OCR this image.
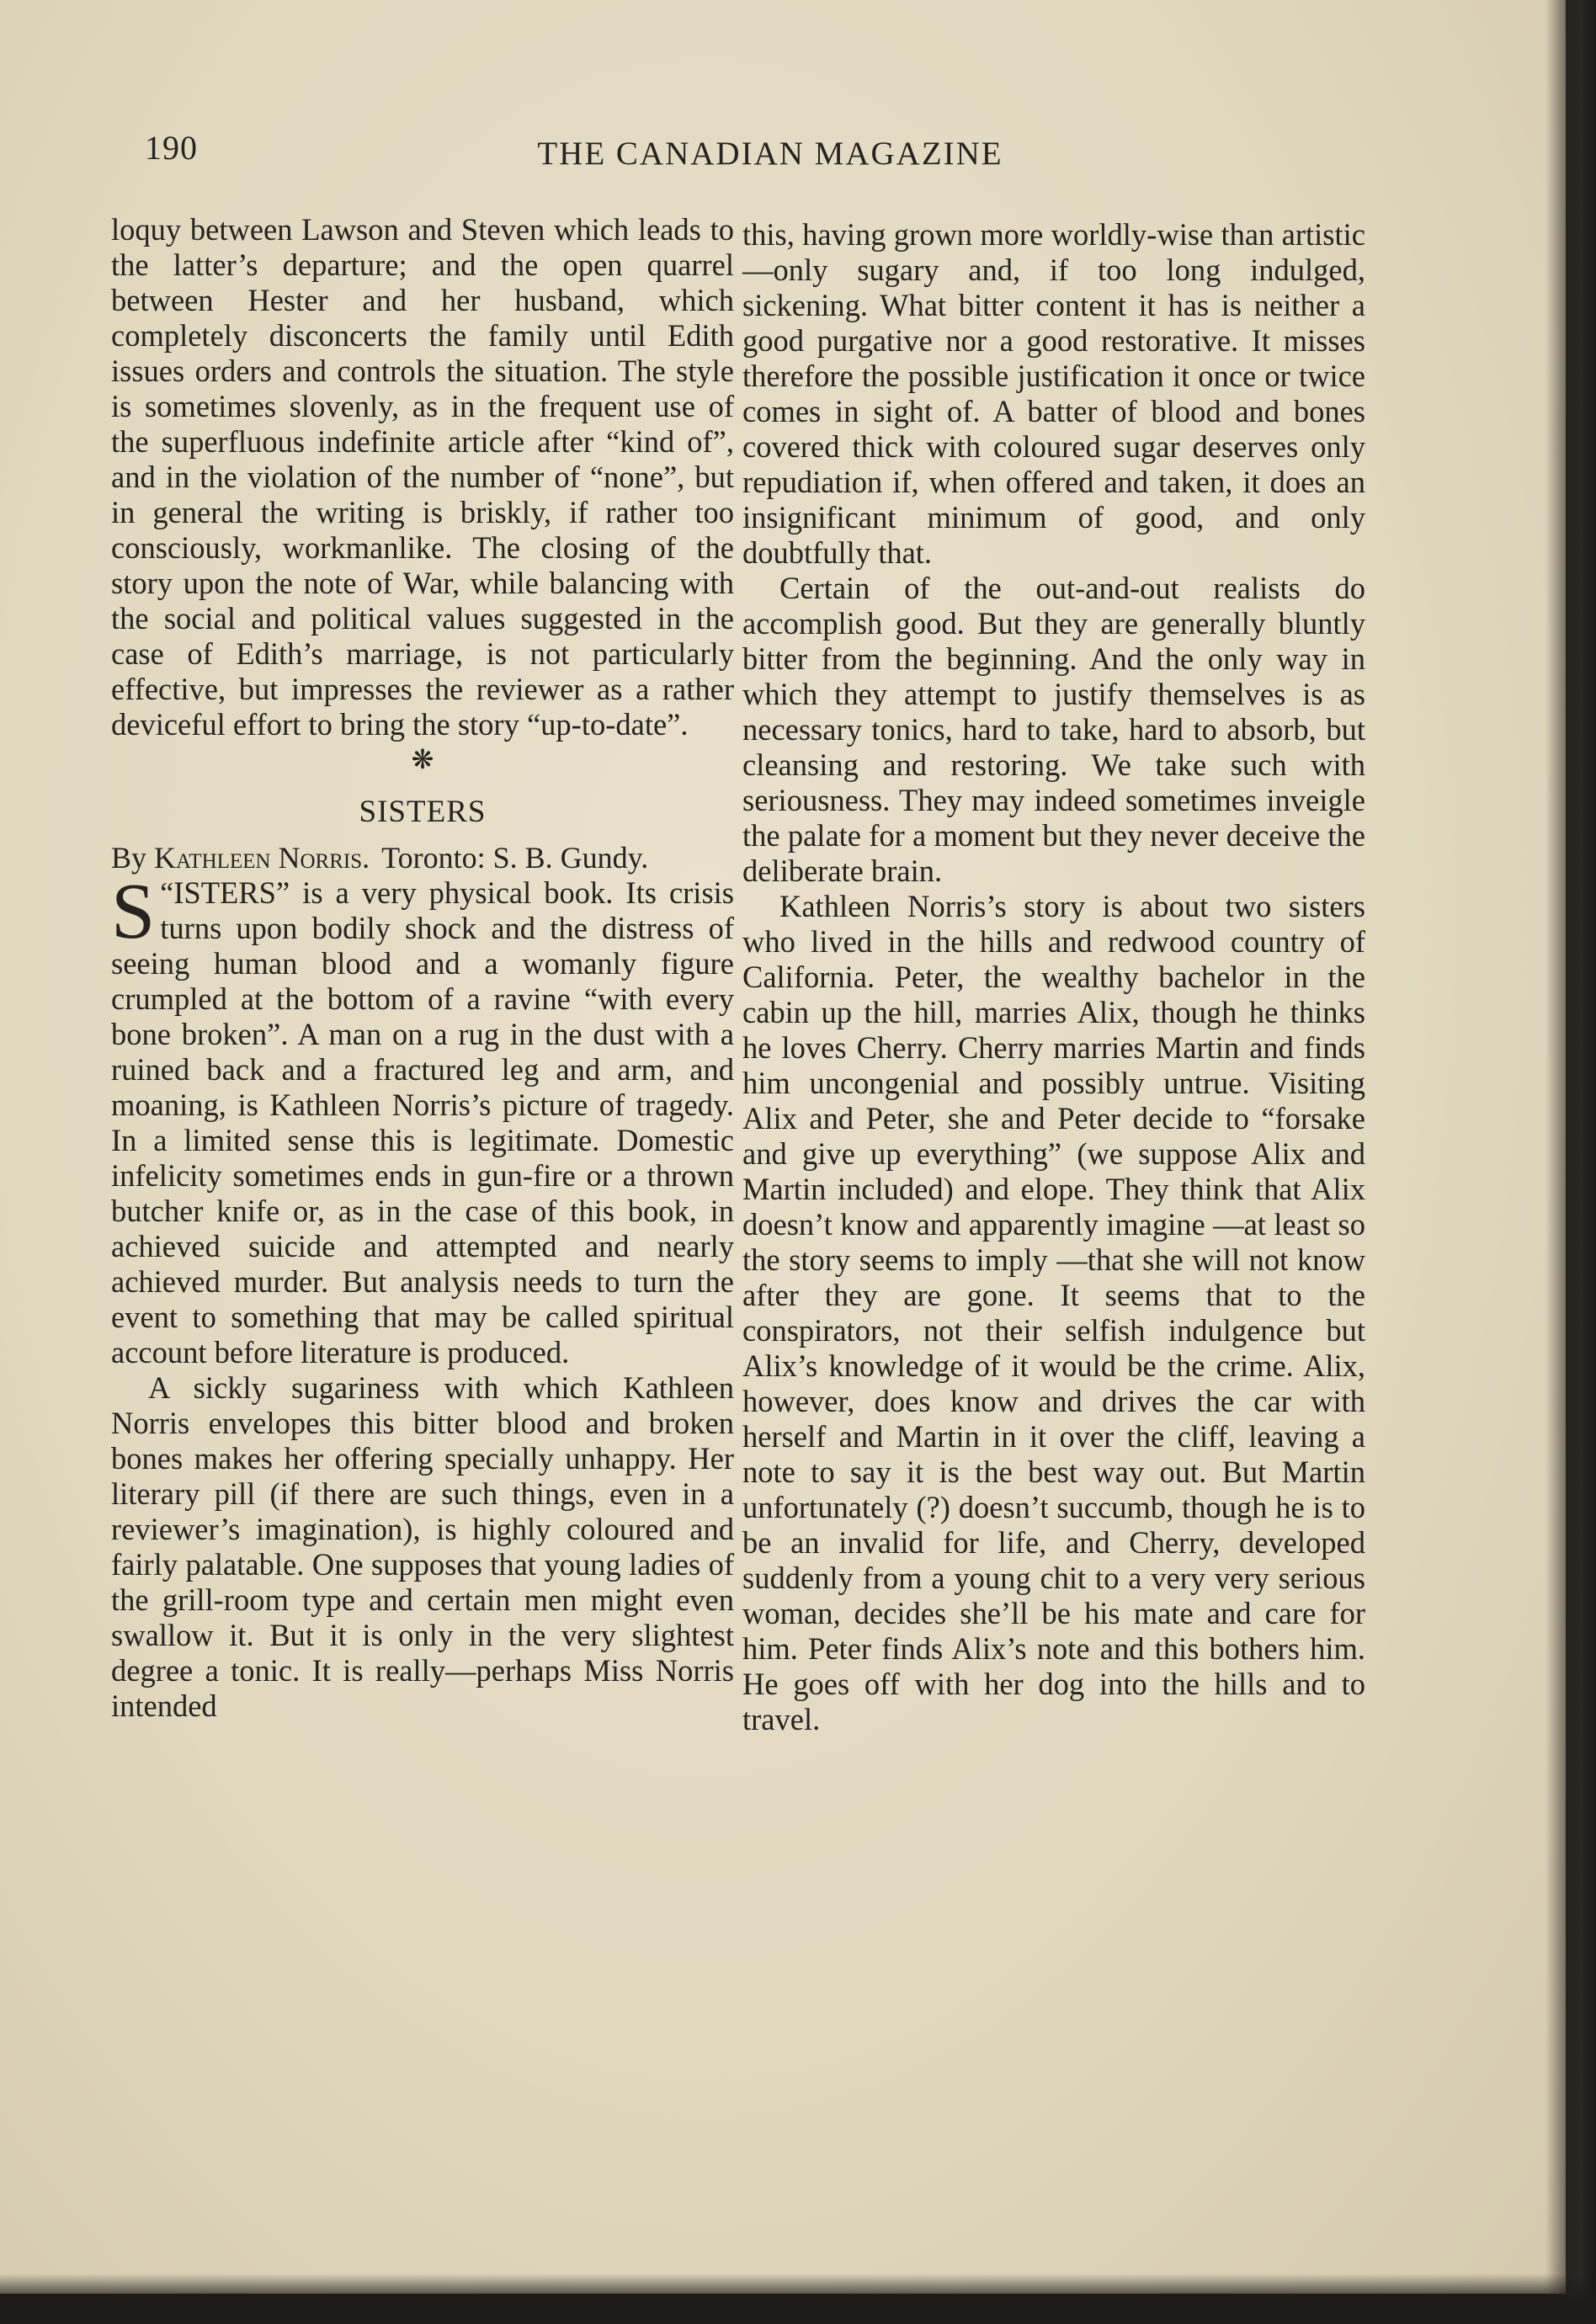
190	THE CANADIAN MAGAZINE

loquy between Lawson and Steven which leads to the latter’s departure; and the open quarrel between Hester and her husband, which completely disconcerts the family until Edith issues orders and controls the situation. The style is sometimes slovenly, as in the frequent use of the superfluous indefinite article after “kind of”, and in the violation of the number of “none”, but in general the writing is briskly, if rather too consciously, workmanlike. The closing of the story upon the note of War, while balancing with the social and political values suggested in the case of Edith’s marriage, is not particularly effective, but impresses the reviewer as a rather deviceful effort to bring the story “up-to-date”.

❋
SISTERS

By Kathleen Norris. Toronto: S. B. Gundy.

“
S ISTERS” is a very physical book. Its crisis turns upon bodily shock and the distress of seeing human blood and a womanly figure crumpled at the bottom of a ravine “with every bone broken”. A man on a rug in the dust with a ruined back and a fractured leg and arm, and moaning, is Kathleen Norris’s picture of tragedy. In a limited sense this is legitimate. Domestic infelicity sometimes ends in gun-fire or a thrown butcher knife or, as in the case of this book, in achieved suicide and attempted and nearly achieved murder. But analysis needs to turn the event to something that may be called spiritual account before literature is produced.

A sickly sugariness with which Kathleen Norris envelopes this bitter blood and broken bones makes her offering specially unhappy. Her literary pill (if there are such things, even in a reviewer’s imagination), is highly coloured and fairly palatable. One supposes that young ladies of the grill-room type and certain men might even swallow it. But it is only in the very slightest degree a tonic. It is really—perhaps Miss Norris intended

this, having grown more worldly-wise than artistic—only sugary and, if too long indulged, sickening. What bitter content it has is neither a good purgative nor a good restorative. It misses therefore the possible justification it once or twice comes in sight of. A batter of blood and bones covered thick with coloured sugar deserves only repudiation if, when offered and taken, it does an insignificant minimum of good, and only doubtfully that.

Certain of the out-and-out realists do accomplish good. But they are generally bluntly bitter from the beginning. And the only way in which they attempt to justify themselves is as necessary tonics, hard to take, hard to absorb, but cleansing and restoring. We take such with seriousness. They may indeed sometimes inveigle the palate for a moment but they never deceive the deliberate brain.

Kathleen Norris’s story is about two sisters who lived in the hills and redwood country of California. Peter, the wealthy bachelor in the cabin up the hill, marries Alix, though he thinks he loves Cherry. Cherry marries Martin and finds him uncongenial and possibly untrue. Visiting Alix and Peter, she and Peter decide to “forsake and give up everything” (we suppose Alix and Martin included) and elope. They think that Alix doesn’t know and apparently imagine —at least so the story seems to imply —that she will not know after they are gone. It seems that to the conspirators, not their selfish indulgence but Alix’s knowledge of it would be the crime. Alix, however, does know and drives the car with herself and Martin in it over the cliff, leaving a note to say it is the best way out. But Martin unfortunately (?) doesn’t succumb, though he is to be an invalid for life, and Cherry, developed suddenly from a young chit to a very very serious woman, decides she’ll be his mate and care for him. Peter finds Alix’s note and this bothers him. He goes off with her dog into the hills and to travel.
